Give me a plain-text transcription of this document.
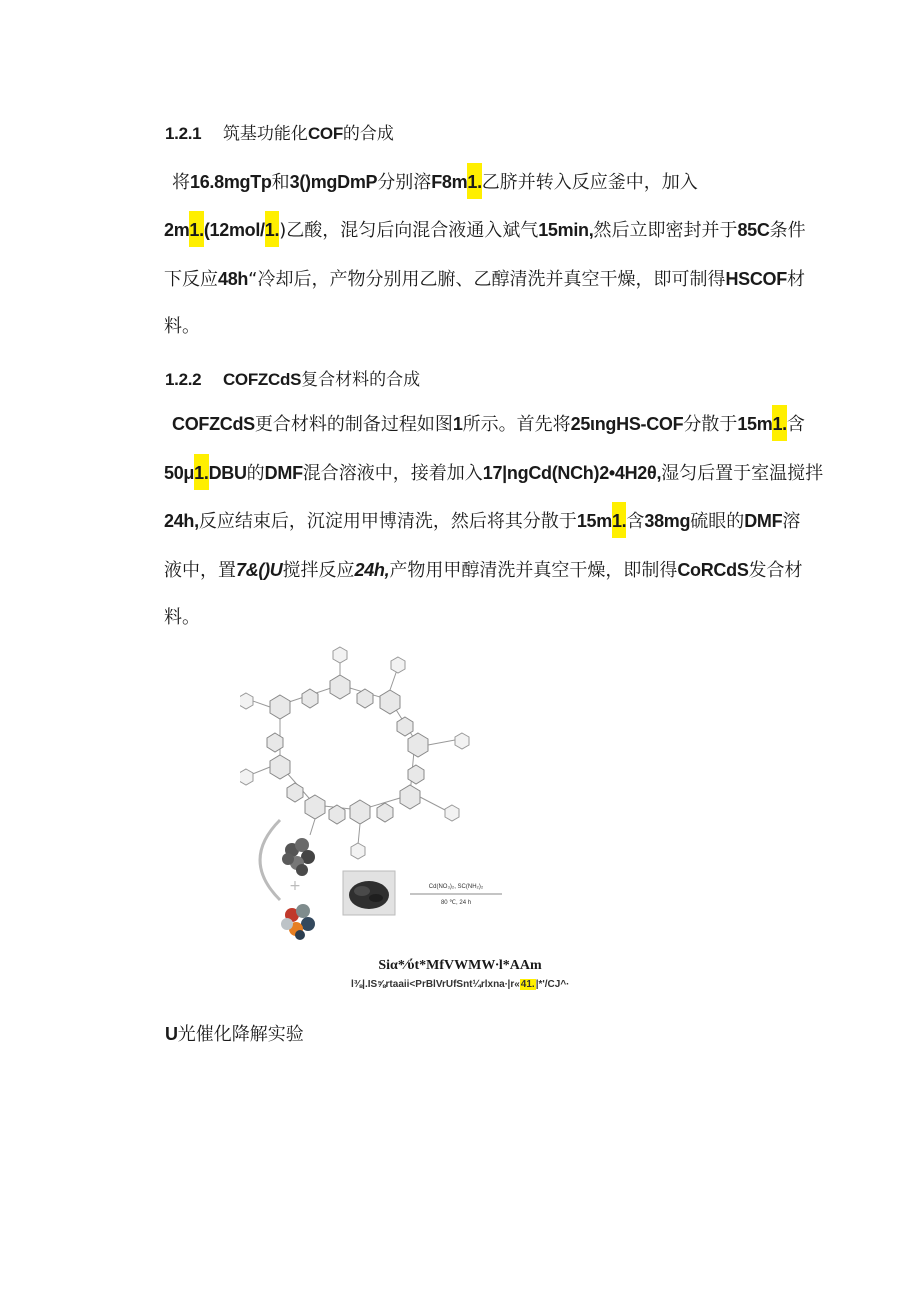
1.2.1 筑基功能化COF的合成
将16.8mgTp和3()mgDmP分别溶F8m1.乙脐并转入反应釜中，加入
2m1.(12mol/1.)乙酸，混匀后向混合液通入斌气15min,然后立即密封并于85C条件
下反应48h“冷却后，产物分别用乙腑、乙醇清洗并真空干燥，即可制得HSCOF材
料。
1.2.2 COFZCdS复合材料的合成
COFZCdS更合材料的制备过程如图1所示。首先将25ιngHS-COF分散于15m1.含
50μ1.DBU的DMF混合溶液中，接着加入17|ngCd(NCh)2•4H2θ,湿匀后置于室温搅拌
24h,反应结束后，沉淀用甲博清洗，然后将其分散于15m1.含38mg硫眼的DMF溶
液中，置7&()U搅拌反应24h,产物用甲醇清洗并真空干燥，即制得CoRCdS发合材
料。
+	Cd(NO₃)₂, SC(NH₂)₂
80 ℃, 24 h
Siα*∕ύt*MfVWMW∙l*AAm
l⅜|.IS⅝rtaaii<PrBlVrUfSnt¼rlxna∙|r«41.|*'/CJ^∙
U光催化降解实验
